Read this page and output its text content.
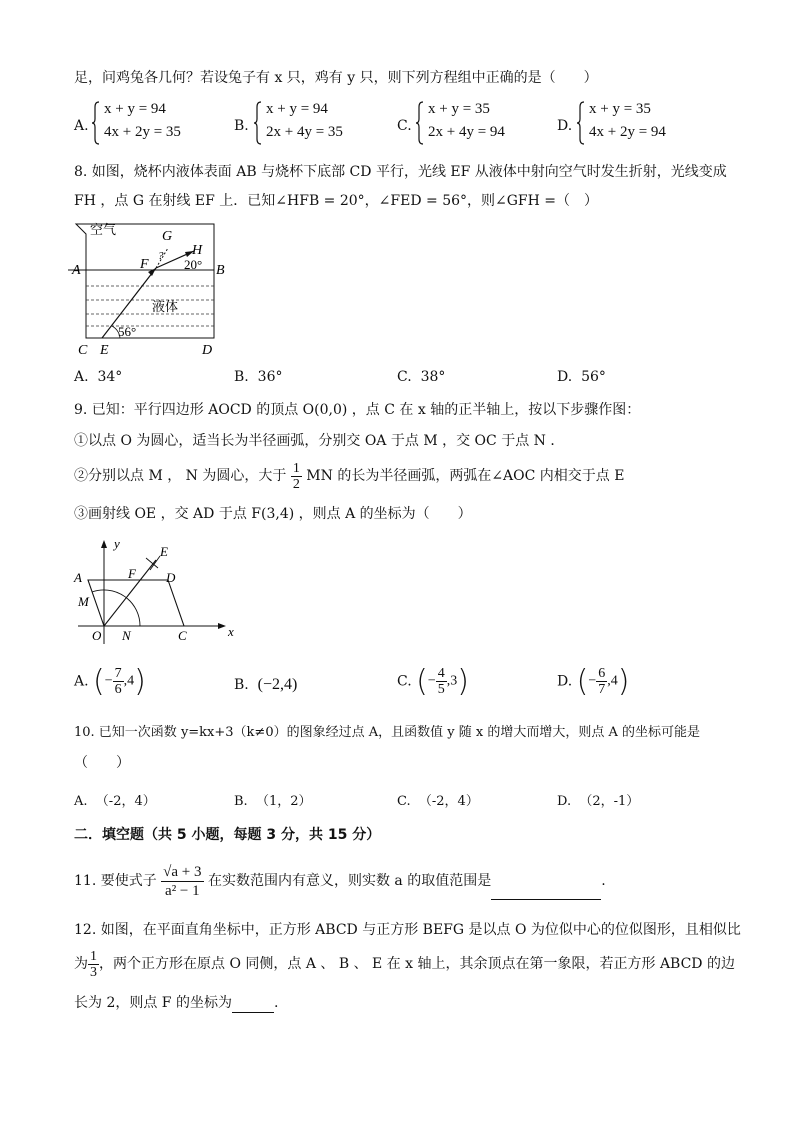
足，问鸡兔各几何？若设兔子有 x 只，鸡有 y 只，则下列方程组中正确的是（　　）
A.
x + y = 94
4x + 2y = 35	B.
x + y = 94
2x + 4y = 35	C.
x + y = 35
2x + 4y = 94	D.
x + y = 35
4x + 2y = 94
8. 如图，烧杯内液体表面 AB 与烧杯下底部 CD 平行，光线 EF 从液体中射向空气时发生折射，光线变成
FH ，点 G 在射线 EF 上．已知∠HFB = 20°，∠FED = 56°，则∠GFH =（　）
空气	G
H
F
?
20°
A	B
液体
56°
C E	D
A. 34°	B. 36°	C. 38°	D. 56°
9. 已知：平行四边形 AOCD 的顶点 O(0,0) ，点 C 在 x 轴的正半轴上，按以下步骤作图：
①以点 O 为圆心，适当长为半径画弧，分别交 OA 于点 M ，交 OC 于点 N ．
②分别以点 M ， N 为圆心，大于 $\frac{1}{2}$ MN 的长为半径画弧，两弧在∠AOC 内相交于点 E
③画射线 OE ，交 AD 于点 F(3,4) ，则点 A 的坐标为（　　）
y
E
A	F D
M
O N	C	x
A. (− $\frac{7}{6} ,4$)	B. (−2,4)	C. (− $\frac{4}{5} ,3$)	D. (− $\frac{6}{7} ,4$)
10. 已知一次函数 y=kx+3（k≠0）的图象经过点 A，且函数值 y 随 x 的增大而增大，则点 A 的坐标可能是
（　　）
A. （-2，4）	B. （1，2）	C. （-2，4）	D. （2，-1）
二．填空题（共 5 小题，每题 3 分，共 15 分）
11. 要使式子 $\frac{√a + 3}{\text{a² − 1}}$ 在实数范围内有意义，则实数 a 的取值范围是	.
12. 如图，在平面直角坐标中，正方形 ABCD 与正方形 BEFG 是以点 O 为位似中心的位似图形，且相似比
为 $\frac{1}{3}$ ，两个正方形在原点 O 同侧，点 A 、 B 、 E 在 x 轴上，其余顶点在第一象限，若正方形 ABCD 的边
长为 2，则点 F 的坐标为	.
